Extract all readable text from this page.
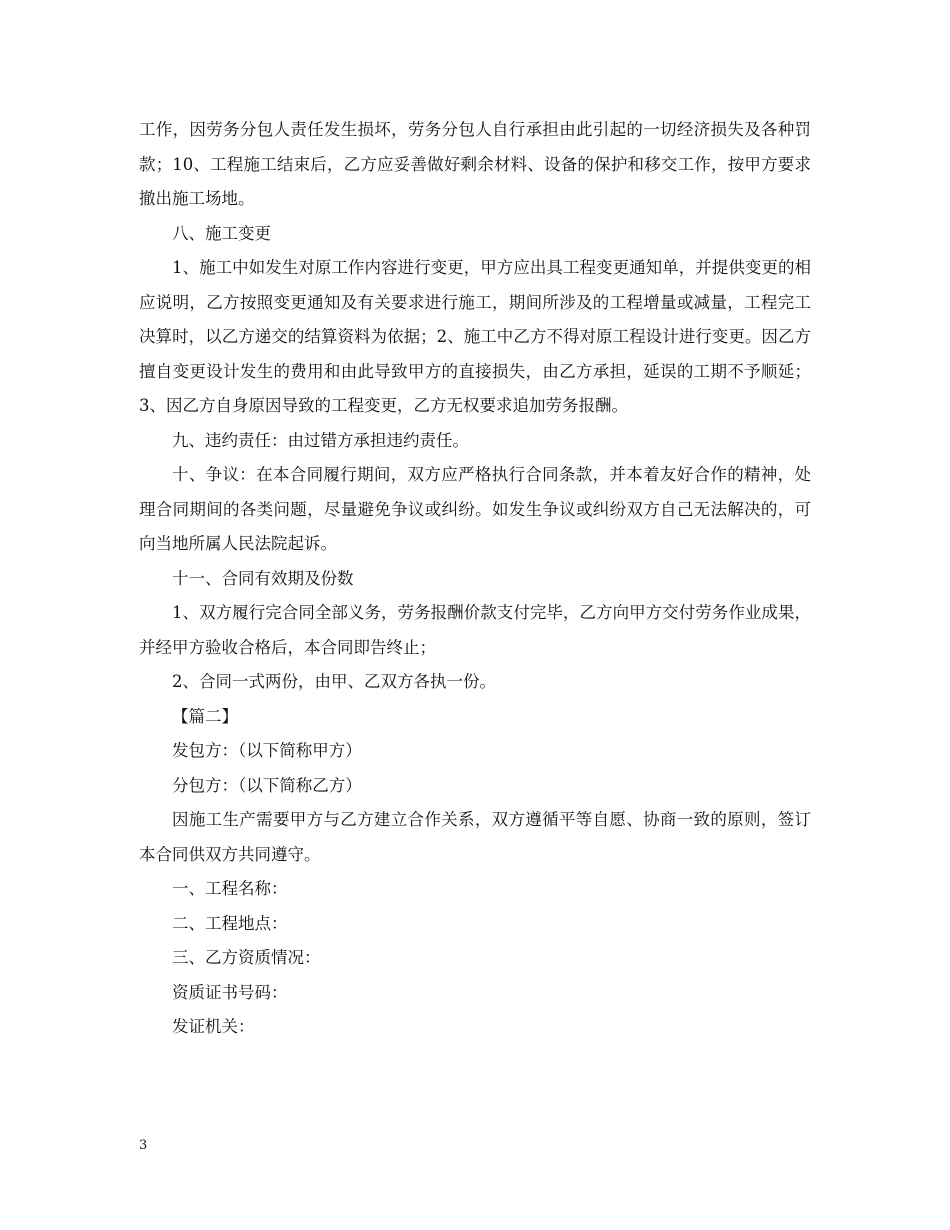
工作，因劳务分包人责任发生损坏，劳务分包人自行承担由此引起的一切经济损失及各种罚款；10、工程施工结束后，乙方应妥善做好剩余材料、设备的保护和移交工作，按甲方要求撤出施工场地。

八、施工变更

1、施工中如发生对原工作内容进行变更，甲方应出具工程变更通知单，并提供变更的相应说明，乙方按照变更通知及有关要求进行施工，期间所涉及的工程增量或减量，工程完工决算时，以乙方递交的结算资料为依据；2、施工中乙方不得对原工程设计进行变更。因乙方擅自变更设计发生的费用和由此导致甲方的直接损失，由乙方承担，延误的工期不予顺延；3、因乙方自身原因导致的工程变更，乙方无权要求追加劳务报酬。

九、违约责任：由过错方承担违约责任。

十、争议：在本合同履行期间，双方应严格执行合同条款，并本着友好合作的精神，处理合同期间的各类问题，尽量避免争议或纠纷。如发生争议或纠纷双方自己无法解决的，可向当地所属人民法院起诉。

十一、合同有效期及份数

1、双方履行完合同全部义务，劳务报酬价款支付完毕，乙方向甲方交付劳务作业成果，并经甲方验收合格后，本合同即告终止；

2、合同一式两份，由甲、乙双方各执一份。

【篇二】

发包方：（以下简称甲方）

分包方：（以下简称乙方）

因施工生产需要甲方与乙方建立合作关系，双方遵循平等自愿、协商一致的原则，签订本合同供双方共同遵守。

一、工程名称：

二、工程地点：

三、乙方资质情况：

资质证书号码：

发证机关：

3
